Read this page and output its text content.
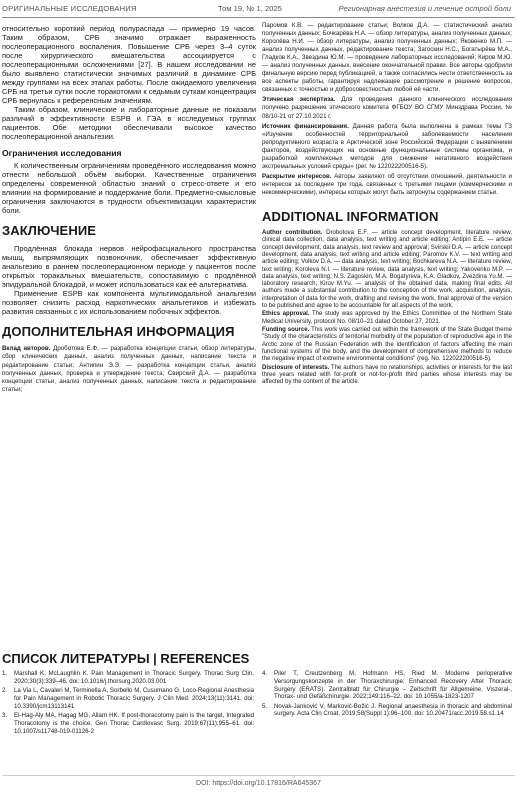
ОРИГИНАЛЬНЫЕ ИССЛЕДОВАНИЯ	Том 19, № 1, 2025	Регионарная анестезия и лечение острой боли

относительно короткий период полураспада — примерно 19 часов. Таким образом, СРБ значимо отражает выраженность послеоперационного воспаления. Повышение СРБ через 3–4 суток после хирургического вмешательства ассоциируется с послеоперационными осложнениями [27]. В нашем исследовании не было выявлено статистически значимых различий в динамике СРБ между группами на всех этапах работы. После ожидаемого увеличения СРБ на третьи сутки после торакотомии к седьмым суткам концентрация СРБ вернулась к референсным значениям.

Таким образом, клинические и лабораторные данные не показали различий в эффективности ESPB и ГЭА в исследуемых группах пациентов. Обе методики обеспечивали высокое качество послеоперационной анальгезии.

Ограничения исследования

К количественным ограничениям проведённого исследования можно отнести небольшой объём выборки. Качественные ограничения определены современной областью знаний о стресс-ответе и его влиянии на формирование и поддержание боли. Предметно-смысловые ограничения заключаются в трудности объективизации характеристик боли.

ЗАКЛЮЧЕНИЕ

Продлённая блокада нервов нейрофасциального пространства мышц, выпрямляющих позвоночник, обеспечивает эффективную анальгезию в раннем послеоперационном периоде у пациентов после открытых торакальных вмешательств, сопоставимую с продлённой эпидуральной блокадой, и может использоваться как её альтернатива.

Применение ESPB как компонента мультимодальной анальгезии позволяет снизить расход наркотических анальгетиков и избежать развития связанных с их использованием побочных эффектов.

ДОПОЛНИТЕЛЬНАЯ ИНФОРМАЦИЯ

Вклад авторов. Дроботова Е.Ф. — разработка концепции статьи, обзор литературы, сбор клинических данных, анализ полученных данных, написание текста и редактирование статьи; Антипин Э.Э. — разработка концепции статьи, анализ полученных данных, проверка и утверждение текста; Свирский Д.А. — разработка концепции статьи, анализ полученных данных, написание текста и редактирование статьи;

Паромов К.В. — редактирование статьи; Волков Д.А. — статистический анализ полученных данных; Бочкарёва Н.А. — обзор литературы, анализ полученных данных; Королёва Н.И. — обзор литературы, анализ полученных данных; Яковенко М.П. — анализ полученных данных, редактирование текста; Загоскин Н.С., Богатырёва М.А., Гладков К.А., Звездина Ю.М. — проведение лабораторных исследований; Киров М.Ю. — анализ полученных данных, внесение окончательной правки. Все авторы одобрили финальную версию перед публикацией, а также согласились нести ответственность за все аспекты работы, гарантируя надлежащее рассмотрение и решение вопросов, связанных с точностью и добросовестностью любой её части.

Этическая экспертиза. Для проведения данного клинического исследования получено разрешение этического комитета ФГБОУ ВО СГМУ Минздрава России, № 08/10-21 от 27.10.2021 г.

Источник финансирования. Данная работа была выполнена в рамках темы ГЗ «Изучение особенностей территориальной заболеваемости населения репродуктивного возраста в Арктической зоне Российской Федерации с выявлением факторов, воздействующих на основные функциональные системы организма, и разработкой комплексных методов для снижения негативного воздействия экстремальных условий среды» (рег. № 122022200516-5).

Раскрытие интересов. Авторы заявляют об отсутствии отношений, деятельности и интересов за последние три года, связанных с третьими лицами (коммерческими и некоммерческими), интересы которых могут быть затронуты содержанием статьи.

ADDITIONAL INFORMATION

Author contribution. Drobotova E.F. — article concept development, literature review, clinical data collection, data analysis, text writing and article editing; Antipin E.E. — article concept development, data analysis, text review and approval; Svirskii D.A. — article concept development, data analysis, text writing and article editing; Paromov K.V. — text writing and article editing; Volkov D.A. — data analysis, text writing; Bochkareva N.A. — literature review, text writing; Koroleva N.I. — literature review, data analysis, text writing; Yakovenko M.P. — data analysis, text writing; N.S. Zagoskin, M.A. Bogatyreva, K.A. Gladkov, Zvezdina Yu.M. — laboratory research; Kirov M.Yu. — analysis of the obtained data, making final edits. All authors made a substantial contribution to the conception of the work, acquisition, analysis, interpretation of data for the work, drafting and revising the work, final approval of the version to be published and agree to be accountable for all aspects of the work.

Ethics approval. The study was approved by the Ethics Committee of the Northern State Medical University, protocol No. 08/10–21 dated October 27, 2021.

Funding source. This work was carried out within the framework of the State Budget theme "Study of the characteristics of territorial morbidity of the population of reproductive age in the Arctic zone of the Russian Federation with the identification of factors affecting the main functional systems of the body, and the development of comprehensive methods to reduce the negative impact of extreme environmental conditions" (reg. No. 122022200516-5).

Disclosure of interests. The authors have no relationships, activities or interests for the last three years related with for-profit or not-for-profit third parties whose interests may be affected by the content of the article.

СПИСОК ЛИТЕРАТУРЫ | REFERENCES
1.	Marshall K, McLaughlin K. Pain Management in Thoracic Surgery. Thorac Surg Clin. 2020;30(3):339–46. doi: 10.1016/j.thorsurg.2020.03.001
2.	La Via L, Cavaleri M, Terminella A, Sorbello M, Cusumano G. Loco-Regional Anesthesia for Pain Management in Robotic Thoracic Surgery. J Clin Med. 2024;13(11):3141. doi: 10.3390/jcm13113141
3.	El-Hag-Aly MA, Hagag MG, Allam HK. If post-thoracotomy pain is the target, Integrated Thoracotomy is the choice. Gen Thorac Cardiovasc Surg. 2019;67(11):955–61. doi: 10.1007/s11748-019-01126-2
4.	Piler T, Creutzenberg M, Hofmann HS, Ried M. Moderne perioperative Versorgungskonzepte in der Thoraxchirurgie: Enhanced Recovery After Thoracic Surgery (ERATS). Zentralblatt für Chirurgie – Zeitschrift für Allgemeine, Viszeral-, Thorax- und Gefäßchirurgie. 2022;149:116–22. doi: 10.1055/a-1823-1207
5.	Novak-Janković V, Marković-Božić J. Regional anaesthesia in thoracic and abdominal surgery. Acta Clin Croat. 2019;58(Suppl 1):96–100. doi: 10.20471/acc.2019.58.s1.14
DOI: https://doi.org/10.17816/RA645367
